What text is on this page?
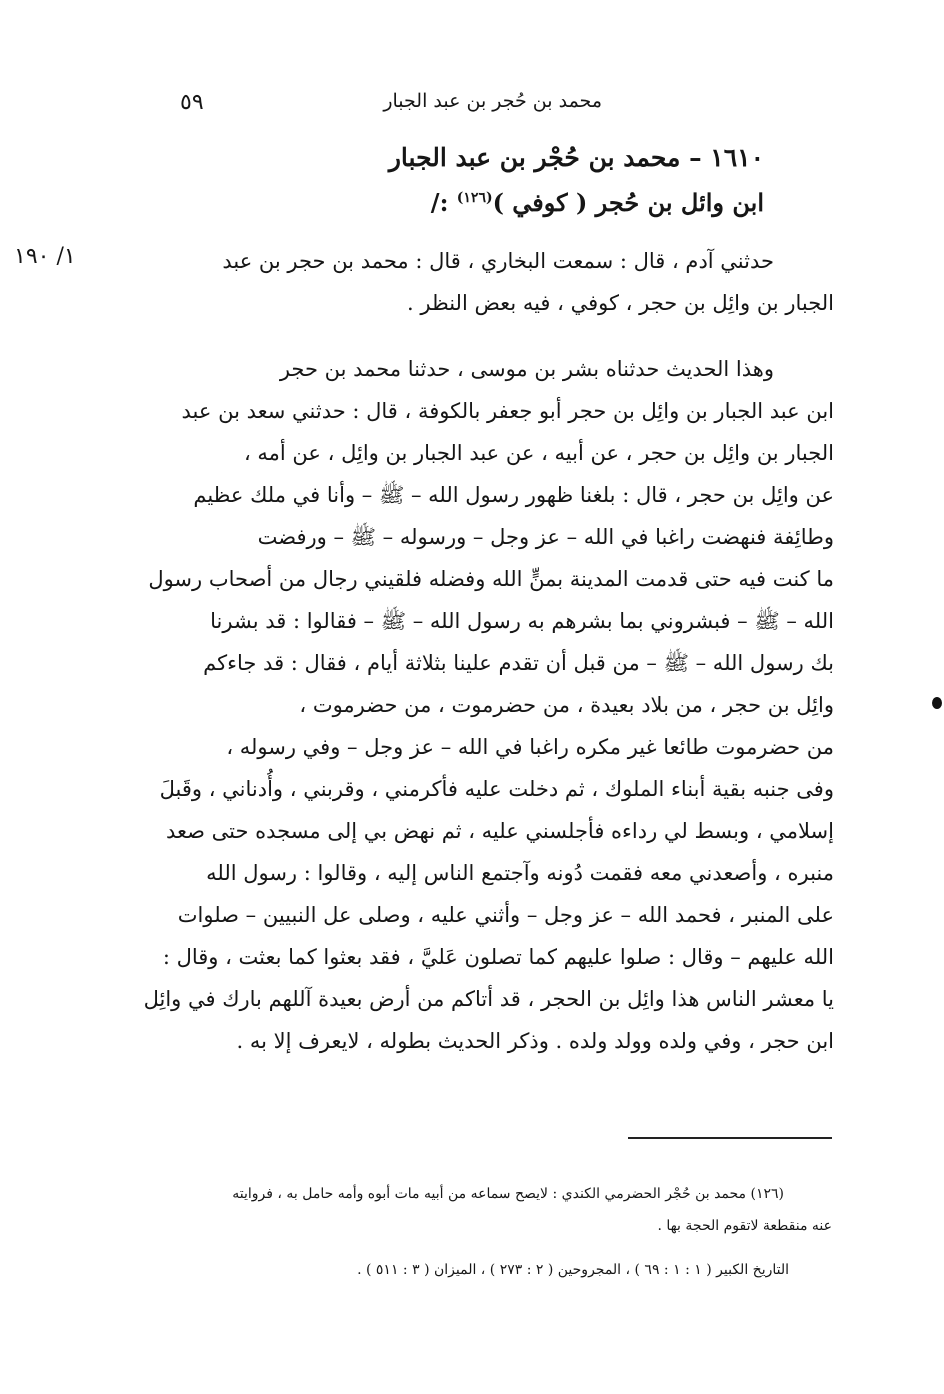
محمد بن حُجر بن عبد الجبار
٥٩
١٦١٠ – محمد بن حُجْر بن عبد الجبار
ابن وائل بن حُجر ( كوفي )$^{(١٢٦)}$ :/
١/ ١٩٠	حدثني آدم ، قال : سمعت البخاري ، قال : محمد بن حجر بن عبد
الجبار بن وائِل بن حجر ، كوفي ، فيه بعض النظر .
وهذا الحديث حدثناه بشر بن موسى ، حدثنا محمد بن حجر
ابن عبد الجبار بن وائِل بن حجر أبو جعفر بالكوفة ، قال : حدثني سعد بن عبد
الجبار بن وائِل بن حجر ، عن أبيه ، عن عبد الجبار بن وائِل ، عن أمه ،
عن وائِل بن حجر ، قال : بلغنا ظهور رسول الله – ﷺ – وأنا في ملك عظيم
وطائِفة فنهضت راغبا في الله – عز وجل – ورسوله – ﷺ – ورفضت
ما كنت فيه حتى قدمت المدينة بمنٍّ الله وفضله فلقيني رجال من أصحاب رسول
الله – ﷺ – فبشروني بما بشرهم به رسول الله – ﷺ – فقالوا : قد بشرنا
بك رسول الله – ﷺ – من قبل أن تقدم علينا بثلاثة أيام ، فقال : قد جاءكم
وائِل بن حجر ، من بلاد بعيدة ، من حضرموت ، من حضرموت ،
من حضرموت طائعا غير مكره راغبا في الله – عز وجل – وفي رسوله ،
وفى جنبه بقية أبناء الملوك ، ثم دخلت عليه فأكرمني ، وقربني ، وأُدناني ، وقَبلَ
إسلامي ، وبسط لي رداءه فأجلسني عليه ، ثم نهض بي إلى مسجده حتى صعد
منبره ، وأصعدني معه فقمت دُونه وآجتمع الناس إليه ، وقالوا : رسول الله
على المنبر ، فحمد الله – عز وجل – وأثني عليه ، وصلى عل النبيين – صلوات
الله عليهم – وقال : صلوا عليهم كما تصلون عَليَّ ، فقد بعثوا كما بعثت ، وقال :
يا معشر الناس هذا وائِل بن الحجر ، قد أتاكم من أرض بعيدة آللهم بارك في وائِل
ابن حجر ، وفي ولده وولد ولده . وذكر الحديث بطوله ، لايعرف إلا به .
(١٢٦) محمد بن حُجْر الحضرمي الكندي : لايصح سماعه من أبيه مات أبوه وأمه حامل به ، فروايته
عنه منقطعة لاتقوم الحجة بها .
التاريخ الكبير ( ١ : ١ : ٦٩ ) ، المجروحين ( ٢ : ٢٧٣ ) ، الميزان ( ٣ : ٥١١ ) .
